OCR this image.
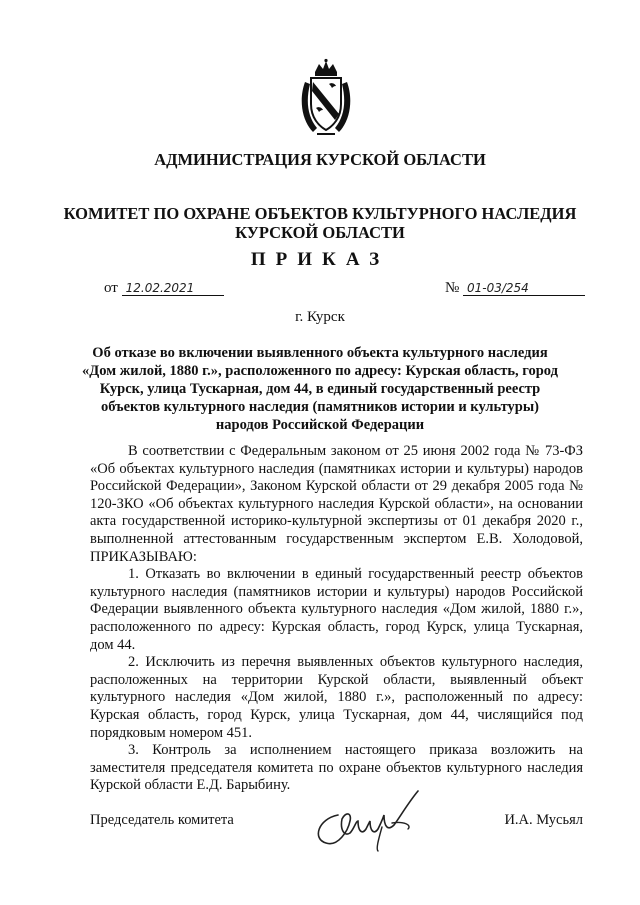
АДМИНИСТРАЦИЯ КУРСКОЙ ОБЛАСТИ
КОМИТЕТ ПО ОХРАНЕ ОБЪЕКТОВ КУЛЬТУРНОГО НАСЛЕДИЯ
КУРСКОЙ ОБЛАСТИ
ПРИКАЗ
от 12.02.2021	№ 01-03/254
г. Курск
Об отказе во включении выявленного объекта культурного наследия «Дом жилой, 1880 г.», расположенного по адресу: Курская область, город Курск, улица Тускарная, дом 44, в единый государственный реестр объектов культурного наследия (памятников истории и культуры) народов Российской Федерации

В соответствии с Федеральным законом от 25 июня 2002 года № 73-ФЗ «Об объектах культурного наследия (памятниках истории и культуры) народов Российской Федерации», Законом Курской области от 29 декабря 2005 года № 120-ЗКО «Об объектах культурного наследия Курской области», на основании акта государственной историко-культурной экспертизы от 01 декабря 2020 г., выполненной аттестованным государственным экспертом Е.В. Холодовой, ПРИКАЗЫВАЮ:

1. Отказать во включении в единый государственный реестр объектов культурного наследия (памятников истории и культуры) народов Российской Федерации выявленного объекта культурного наследия «Дом жилой, 1880 г.», расположенного по адресу: Курская область, город Курск, улица Тускарная, дом 44.

2. Исключить из перечня выявленных объектов культурного наследия, расположенных на территории Курской области, выявленный объект культурного наследия «Дом жилой, 1880 г.», расположенный по адресу: Курская область, город Курск, улица Тускарная, дом 44, числящийся под порядковым номером 451.

3. Контроль за исполнением настоящего приказа возложить на заместителя председателя комитета по охране объектов культурного наследия Курской области Е.Д. Барыбину.

Председатель комитета	И.А. Мусьял
